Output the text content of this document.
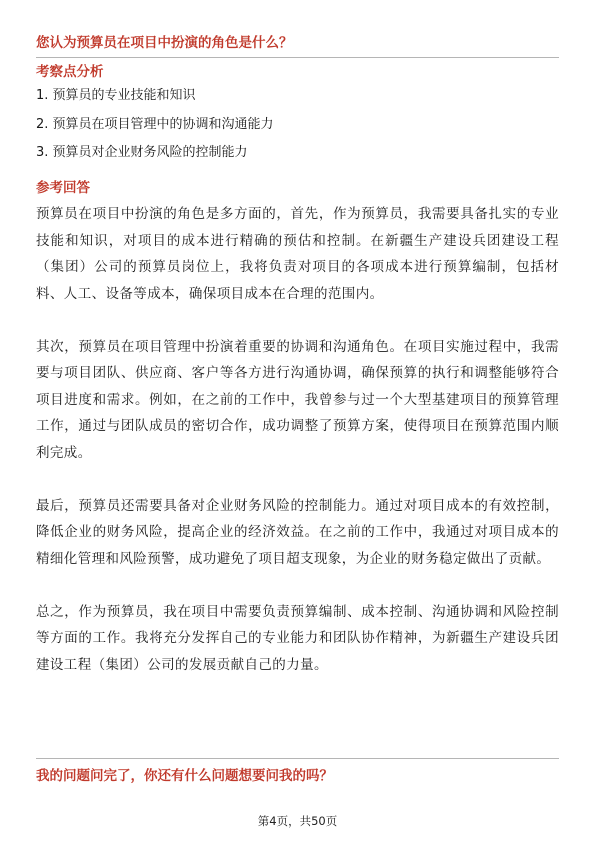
您认为预算员在项目中扮演的角色是什么？
考察点分析
1. 预算员的专业技能和知识
2. 预算员在项目管理中的协调和沟通能力
3. 预算员对企业财务风险的控制能力
参考回答

预算员在项目中扮演的角色是多方面的，首先，作为预算员，我需要具备扎实的专业技能和知识，对项目的成本进行精确的预估和控制。在新疆生产建设兵团建设工程（集团）公司的预算员岗位上，我将负责对项目的各项成本进行预算编制，包括材料、人工、设备等成本，确保项目成本在合理的范围内。

其次，预算员在项目管理中扮演着重要的协调和沟通角色。在项目实施过程中，我需要与项目团队、供应商、客户等各方进行沟通协调，确保预算的执行和调整能够符合项目进度和需求。例如，在之前的工作中，我曾参与过一个大型基建项目的预算管理工作，通过与团队成员的密切合作，成功调整了预算方案，使得项目在预算范围内顺利完成。

最后，预算员还需要具备对企业财务风险的控制能力。通过对项目成本的有效控制，降低企业的财务风险，提高企业的经济效益。在之前的工作中，我通过对项目成本的精细化管理和风险预警，成功避免了项目超支现象，为企业的财务稳定做出了贡献。

总之，作为预算员，我在项目中需要负责预算编制、成本控制、沟通协调和风险控制等方面的工作。我将充分发挥自己的专业能力和团队协作精神，为新疆生产建设兵团建设工程（集团）公司的发展贡献自己的力量。

我的问题问完了，你还有什么问题想要问我的吗？
第4页，共50页
